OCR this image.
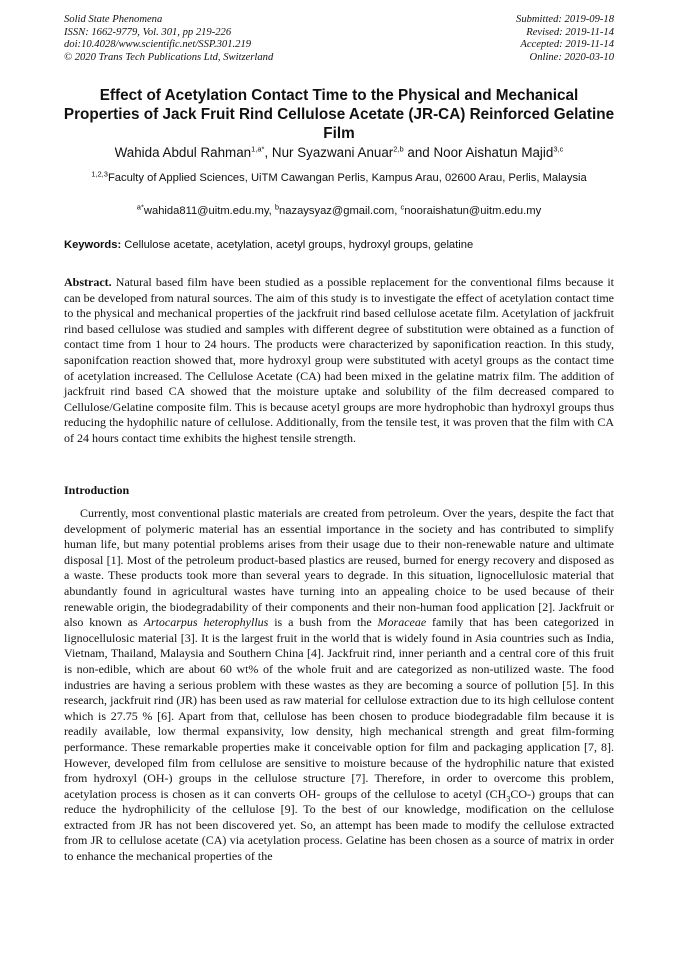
Solid State Phenomena
ISSN: 1662-9779, Vol. 301, pp 219-226
doi:10.4028/www.scientific.net/SSP.301.219
© 2020 Trans Tech Publications Ltd, Switzerland
Submitted: 2019-09-18
Revised: 2019-11-14
Accepted: 2019-11-14
Online: 2020-03-10
Effect of Acetylation Contact Time to the Physical and Mechanical Properties of Jack Fruit Rind Cellulose Acetate (JR-CA) Reinforced Gelatine Film
Wahida Abdul Rahman$^{1,a*}$, Nur Syazwani Anuar$^{2,b}$ and Noor Aishatun Majid$^{3,c}$
$^{1,2,3}$Faculty of Applied Sciences, UiTM Cawangan Perlis, Kampus Arau, 02600 Arau, Perlis, Malaysia
$^{a*}$wahida811@uitm.edu.my, $^b$nazaysyaz@gmail.com, $^c$nooraishatun@uitm.edu.my
Keywords: Cellulose acetate, acetylation, acetyl groups, hydroxyl groups, gelatine
Abstract. Natural based film have been studied as a possible replacement for the conventional films because it can be developed from natural sources. The aim of this study is to investigate the effect of acetylation contact time to the physical and mechanical properties of the jackfruit rind based cellulose acetate film. Acetylation of jackfruit rind based cellulose was studied and samples with different degree of substitution were obtained as a function of contact time from 1 hour to 24 hours. The products were characterized by saponification reaction. In this study, saponifcation reaction showed that, more hydroxyl group were substituted with acetyl groups as the contact time of acetylation increased. The Cellulose Acetate (CA) had been mixed in the gelatine matrix film. The addition of jackfruit rind based CA showed that the moisture uptake and solubility of the film decreased compared to Cellulose/Gelatine composite film. This is because acetyl groups are more hydrophobic than hydroxyl groups thus reducing the hydophilic nature of cellulose. Additionally, from the tensile test, it was proven that the film with CA of 24 hours contact time exhibits the highest tensile strength.
Introduction
Currently, most conventional plastic materials are created from petroleum. Over the years, despite the fact that development of polymeric material has an essential importance in the society and has contributed to simplify human life, but many potential problems arises from their usage due to their non-renewable nature and ultimate disposal [1]. Most of the petroleum product-based plastics are reused, burned for energy recovery and disposed as a waste. These products took more than several years to degrade. In this situation, lignocellulosic material that abundantly found in agricultural wastes have turning into an appealing choice to be used because of their renewable origin, the biodegradability of their components and their non-human food application [2]. Jackfruit or also known as Artocarpus heterophyllus is a bush from the Moraceae family that has been categorized in lignocellulosic material [3]. It is the largest fruit in the world that is widely found in Asia countries such as India, Vietnam, Thailand, Malaysia and Southern China [4]. Jackfruit rind, inner perianth and a central core of this fruit is non-edible, which are about 60 wt% of the whole fruit and are categorized as non-utilized waste. The food industries are having a serious problem with these wastes as they are becoming a source of pollution [5]. In this research, jackfruit rind (JR) has been used as raw material for cellulose extraction due to its high cellulose content which is 27.75 % [6]. Apart from that, cellulose has been chosen to produce biodegradable film because it is readily available, low thermal expansivity, low density, high mechanical strength and great film-forming performance. These remarkable properties make it conceivable option for film and packaging application [7, 8]. However, developed film from cellulose are sensitive to moisture because of the hydrophilic nature that existed from hydroxyl (OH-) groups in the cellulose structure [7]. Therefore, in order to overcome this problem, acetylation process is chosen as it can converts OH- groups of the cellulose to acetyl $(CH_3CO-)$ groups that can reduce the hydrophilicity of the cellulose [9]. To the best of our knowledge, modification on the cellulose extracted from JR has not been discovered yet. So, an attempt has been made to modify the cellulose extracted from JR to cellulose acetate (CA) via acetylation process. Gelatine has been chosen as a source of matrix in order to enhance the mechanical properties of the
